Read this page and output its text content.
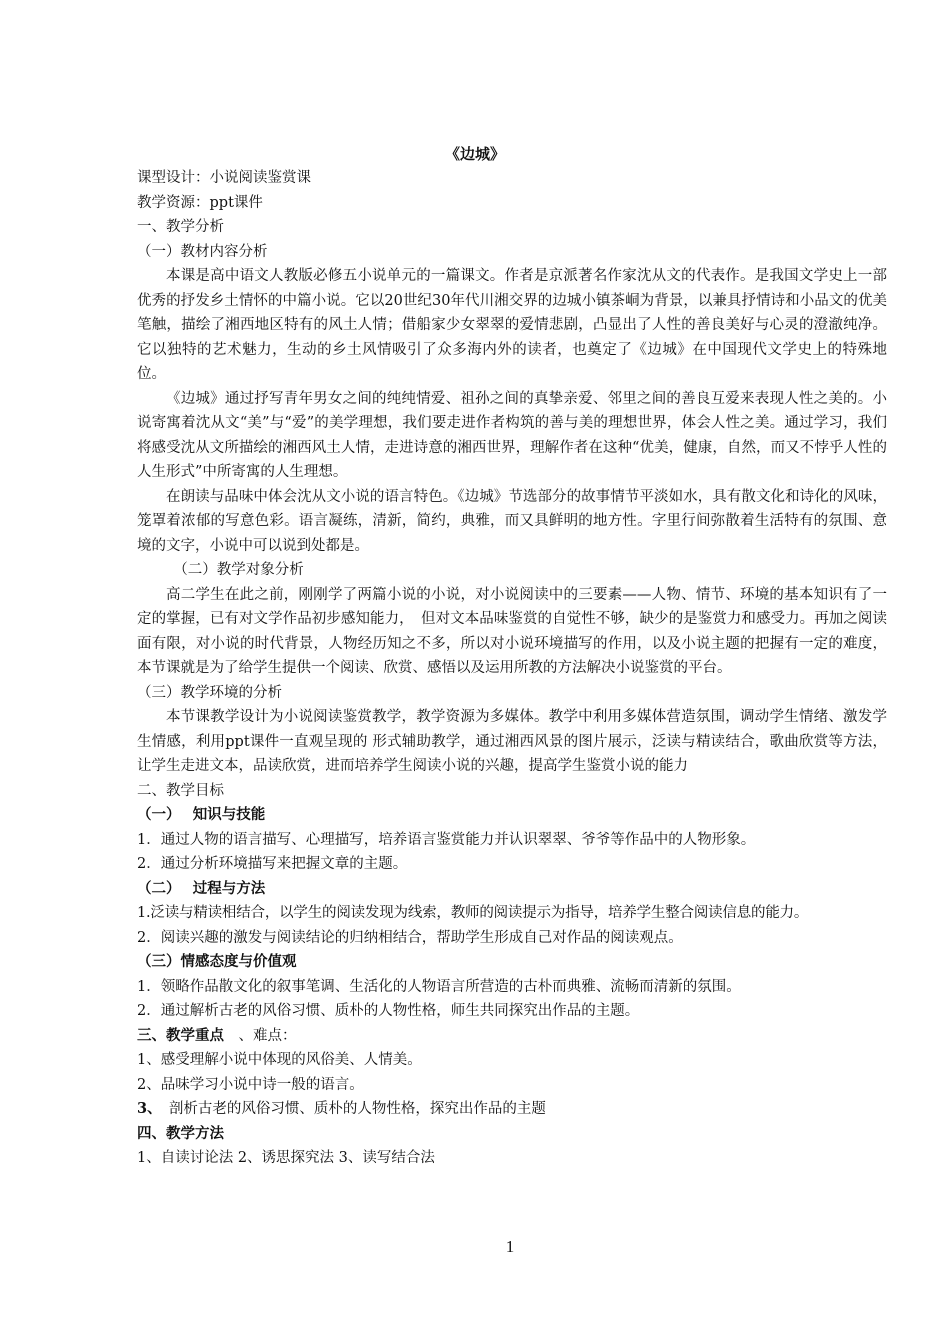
《边城》

课型设计：小说阅读鉴赏课

教学资源：ppt课件

一、教学分析

（一）教材内容分析

本课是高中语文人教版必修五小说单元的一篇课文。作者是京派著名作家沈从文的代表作。是我国文学史上一部优秀的抒发乡土情怀的中篇小说。它以20世纪30年代川湘交界的边城小镇茶峒为背景，以兼具抒情诗和小品文的优美笔触，描绘了湘西地区特有的风土人情；借船家少女翠翠的爱情悲剧，凸显出了人性的善良美好与心灵的澄澈纯净。它以独特的艺术魅力，生动的乡土风情吸引了众多海内外的读者，也奠定了《边城》在中国现代文学史上的特殊地位。

《边城》通过抒写青年男女之间的纯纯情爱、祖孙之间的真挚亲爱、邻里之间的善良互爱来表现人性之美的。小说寄寓着沈从文“美”与“爱”的美学理想，我们要走进作者构筑的善与美的理想世界，体会人性之美。通过学习，我们将感受沈从文所描绘的湘西风土人情，走进诗意的湘西世界，理解作者在这种“优美，健康，自然，而又不悖乎人性的人生形式”中所寄寓的人生理想。

在朗读与品味中体会沈从文小说的语言特色。《边城》节选部分的故事情节平淡如水，具有散文化和诗化的风味，笼罩着浓郁的写意色彩。语言凝练，清新，简约，典雅，而又具鲜明的地方性。字里行间弥散着生活特有的氛围、意境的文字，小说中可以说到处都是。

（二）教学对象分析

高二学生在此之前，刚刚学了两篇小说的小说，对小说阅读中的三要素——人物、情节、环境的基本知识有了一定的掌握，已有对文学作品初步感知能力，　但对文本品味鉴赏的自觉性不够，缺少的是鉴赏力和感受力。再加之阅读面有限，对小说的时代背景，人物经历知之不多，所以对小说环境描写的作用，以及小说主题的把握有一定的难度，本节课就是为了给学生提供一个阅读、欣赏、感悟以及运用所教的方法解决小说鉴赏的平台。

（三）教学环境的分析

本节课教学设计为小说阅读鉴赏教学，教学资源为多媒体。教学中利用多媒体营造氛围，调动学生情绪、激发学生情感，利用ppt课件一直观呈现的 形式辅助教学，通过湘西风景的图片展示，泛读与精读结合，歌曲欣赏等方法，让学生走进文本，品读欣赏，进而培养学生阅读小说的兴趣，提高学生鉴赏小说的能力

二、教学目标

（一）　 知识与技能

1．通过人物的语言描写、心理描写，培养语言鉴赏能力并认识翠翠、爷爷等作品中的人物形象。

2．通过分析环境描写来把握文章的主题。

（二）　 过程与方法

1.泛读与精读相结合，以学生的阅读发现为线索，教师的阅读提示为指导，培养学生整合阅读信息的能力。

2．阅读兴趣的激发与阅读结论的归纳相结合，帮助学生形成自己对作品的阅读观点。

（三）情感态度与价值观

1．领略作品散文化的叙事笔调、生活化的人物语言所营造的古朴而典雅、流畅而清新的氛围。

2．通过解析古老的风俗习惯、质朴的人物性格，师生共同探究出作品的主题。

三、教学重点　、难点：

1、感受理解小说中体现的风俗美、人情美。

2、品味学习小说中诗一般的语言。

3、　剖析古老的风俗习惯、质朴的人物性格，探究出作品的主题

四、教学方法

1、自读讨论法 2、诱思探究法 3、读写结合法

1
